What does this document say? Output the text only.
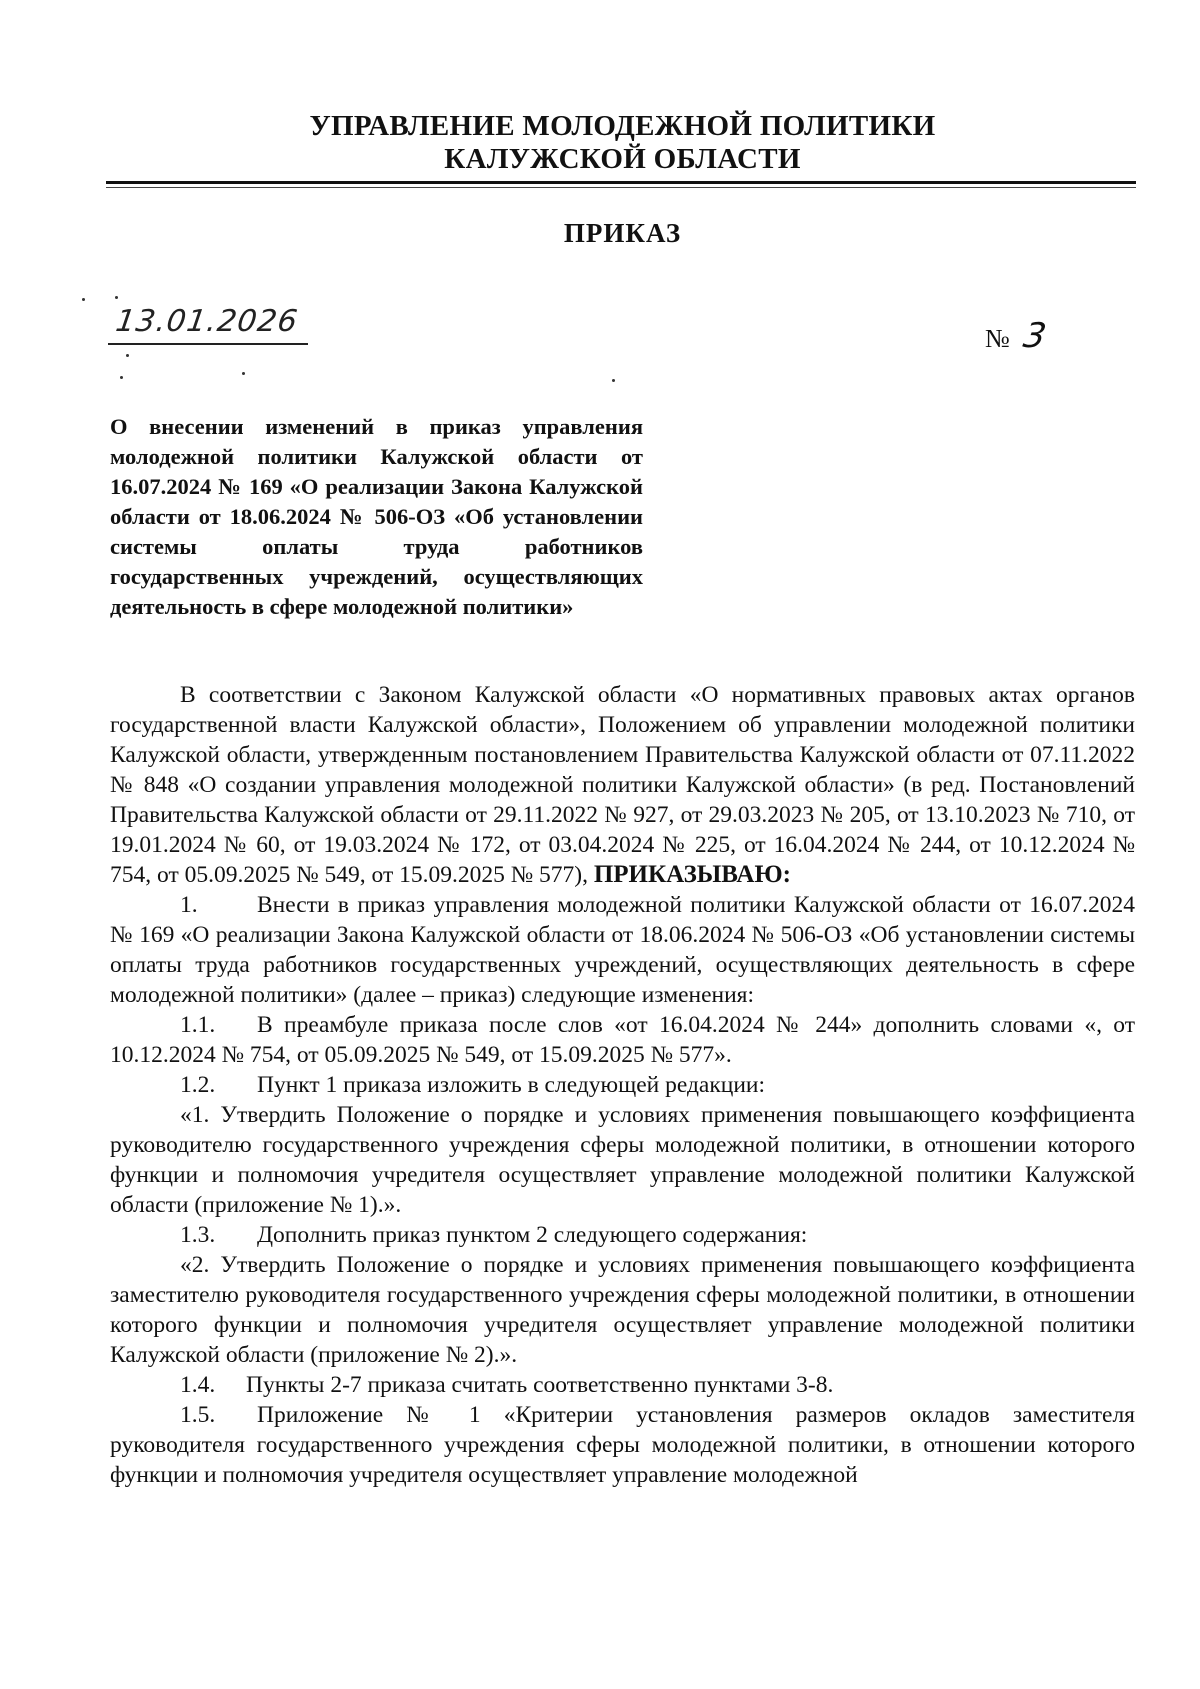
УПРАВЛЕНИЕ МОЛОДЕЖНОЙ ПОЛИТИКИ
КАЛУЖСКОЙ ОБЛАСТИ
ПРИКАЗ
13.01.2026	№ 3
О внесении изменений в приказ управления молодежной политики Калужской области от 16.07.2024 № 169 «О реализации Закона Калужской области от 18.06.2024 № 506-ОЗ «Об установлении системы оплаты труда работников государственных учреждений, осуществляющих деятельность в сфере молодежной политики»

В соответствии с Законом Калужской области «О нормативных правовых актах органов государственной власти Калужской области», Положением об управлении молодежной политики Калужской области, утвержденным постановлением Правительства Калужской области от 07.11.2022 № 848 «О создании управления молодежной политики Калужской области» (в ред. Постановлений Правительства Калужской области от 29.11.2022 № 927, от 29.03.2023 № 205, от 13.10.2023 № 710, от 19.01.2024 № 60, от 19.03.2024 № 172, от 03.04.2024 № 225, от 16.04.2024 № 244, от 10.12.2024 № 754, от 05.09.2025 № 549, от 15.09.2025 № 577), ПРИКАЗЫВАЮ:

1.	Внести в приказ управления молодежной политики Калужской области от 16.07.2024 № 169 «О реализации Закона Калужской области от 18.06.2024 № 506-ОЗ «Об установлении системы оплаты труда работников государственных учреждений, осуществляющих деятельность в сфере молодежной политики» (далее – приказ) следующие изменения:

1.1. В преамбуле приказа после слов «от 16.04.2024 № 244» дополнить словами «, от 10.12.2024 № 754, от 05.09.2025 № 549, от 15.09.2025 № 577».

1.2. Пункт 1 приказа изложить в следующей редакции:

«1. Утвердить Положение о порядке и условиях применения повышающего коэффициента руководителю государственного учреждения сферы молодежной политики, в отношении которого функции и полномочия учредителя осуществляет управление молодежной политики Калужской области (приложение № 1).».

1.3. Дополнить приказ пунктом 2 следующего содержания:

«2. Утвердить Положение о порядке и условиях применения повышающего коэффициента заместителю руководителя государственного учреждения сферы молодежной политики, в отношении которого функции и полномочия учредителя осуществляет управление молодежной политики Калужской области (приложение № 2).».

1.4. Пункты 2-7 приказа считать соответственно пунктами 3-8.

1.5. Приложение № 1 «Критерии установления размеров окладов заместителя руководителя государственного учреждения сферы молодежной политики, в отношении которого функции и полномочия учредителя осуществляет управление молодежной
